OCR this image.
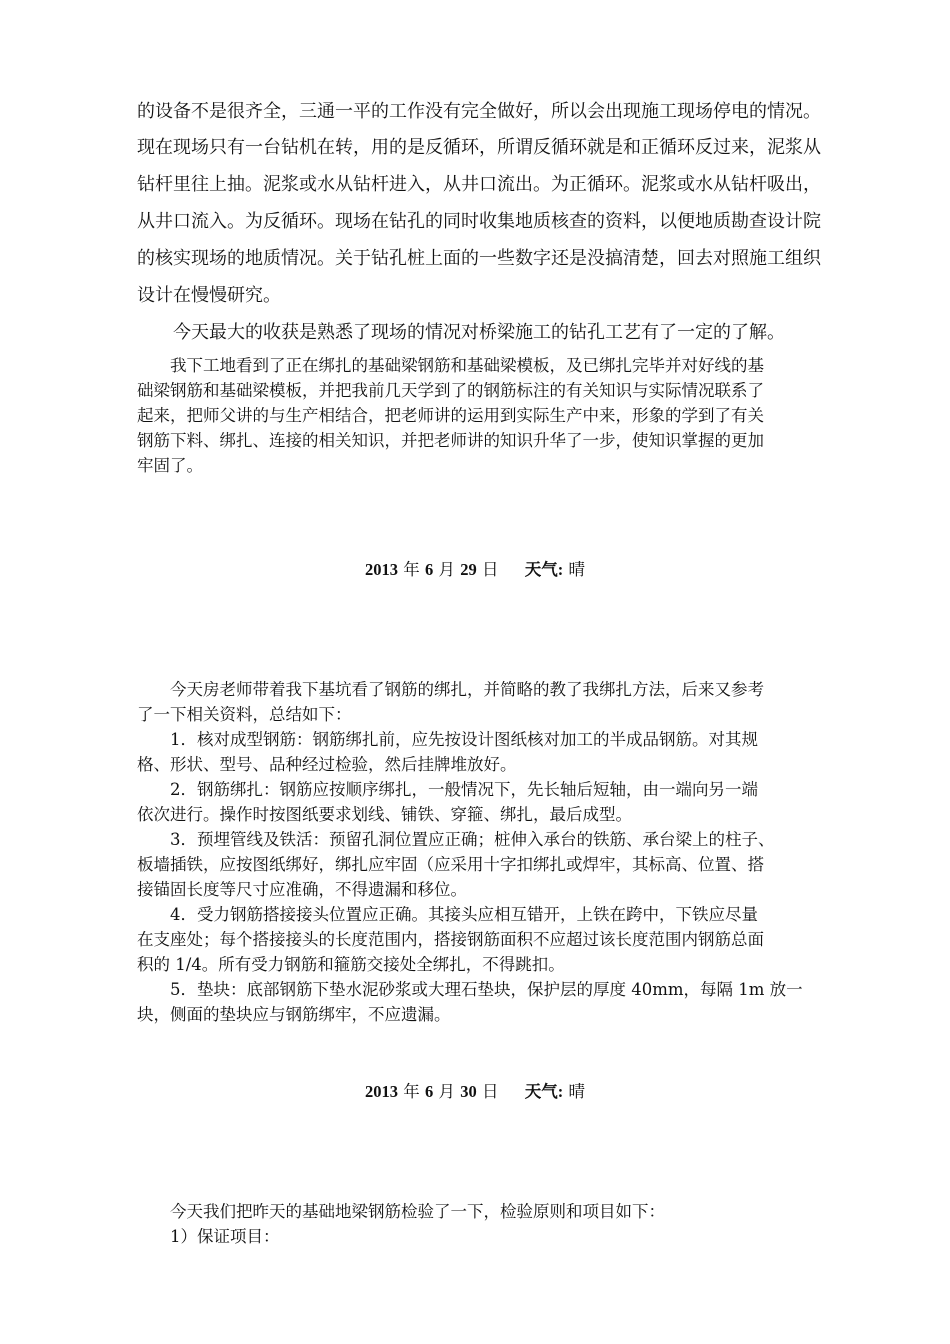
的设备不是很齐全，三通一平的工作没有完全做好，所以会出现施工现场停电的情况。
现在现场只有一台钻机在转，用的是反循环，所谓反循环就是和正循环反过来，泥浆从
钻杆里往上抽。泥浆或水从钻杆进入，从井口流出。为正循环。泥浆或水从钻杆吸出，
从井口流入。为反循环。现场在钻孔的同时收集地质核查的资料，以便地质勘查设计院
的核实现场的地质情况。关于钻孔桩上面的一些数字还是没搞清楚，回去对照施工组织
设计在慢慢研究。
　　今天最大的收获是熟悉了现场的情况对桥梁施工的钻孔工艺有了一定的了解。
　　我下工地看到了正在绑扎的基础梁钢筋和基础梁模板，及已绑扎完毕并对好线的基
础梁钢筋和基础梁模板，并把我前几天学到了的钢筋标注的有关知识与实际情况联系了
起来，把师父讲的与生产相结合，把老师讲的运用到实际生产中来，形象的学到了有关
钢筋下料、绑扎、连接的相关知识，并把老师讲的知识升华了一步，使知识掌握的更加
牢固了。
2013 年 6 月 29 日 天气: 晴
　　今天房老师带着我下基坑看了钢筋的绑扎，并简略的教了我绑扎方法，后来又参考
了一下相关资料，总结如下：
　　1．核对成型钢筋：钢筋绑扎前，应先按设计图纸核对加工的半成品钢筋。对其规
格、形状、型号、品种经过检验，然后挂牌堆放好。
　　2．钢筋绑扎：钢筋应按顺序绑扎，一般情况下，先长轴后短轴，由一端向另一端
依次进行。操作时按图纸要求划线、铺铁、穿箍、绑扎，最后成型。
　　3．预埋管线及铁活：预留孔洞位置应正确；桩伸入承台的铁筋、承台梁上的柱子、
板墙插铁，应按图纸绑好，绑扎应牢固（应采用十字扣绑扎或焊牢，其标高、位置、搭
接锚固长度等尺寸应准确，不得遗漏和移位。
　　4．受力钢筋搭接接头位置应正确。其接头应相互错开，上铁在跨中，下铁应尽量
在支座处；每个搭接接头的长度范围内，搭接钢筋面积不应超过该长度范围内钢筋总面
积的 1/4。所有受力钢筋和箍筋交接处全绑扎，不得跳扣。
　　5．垫块：底部钢筋下垫水泥砂浆或大理石垫块，保护层的厚度 40mm，每隔 1m 放一
块，侧面的垫块应与钢筋绑牢，不应遗漏。
2013 年 6 月 30 日 天气: 晴
　　今天我们把昨天的基础地梁钢筋检验了一下，检验原则和项目如下：
　　1）保证项目：
